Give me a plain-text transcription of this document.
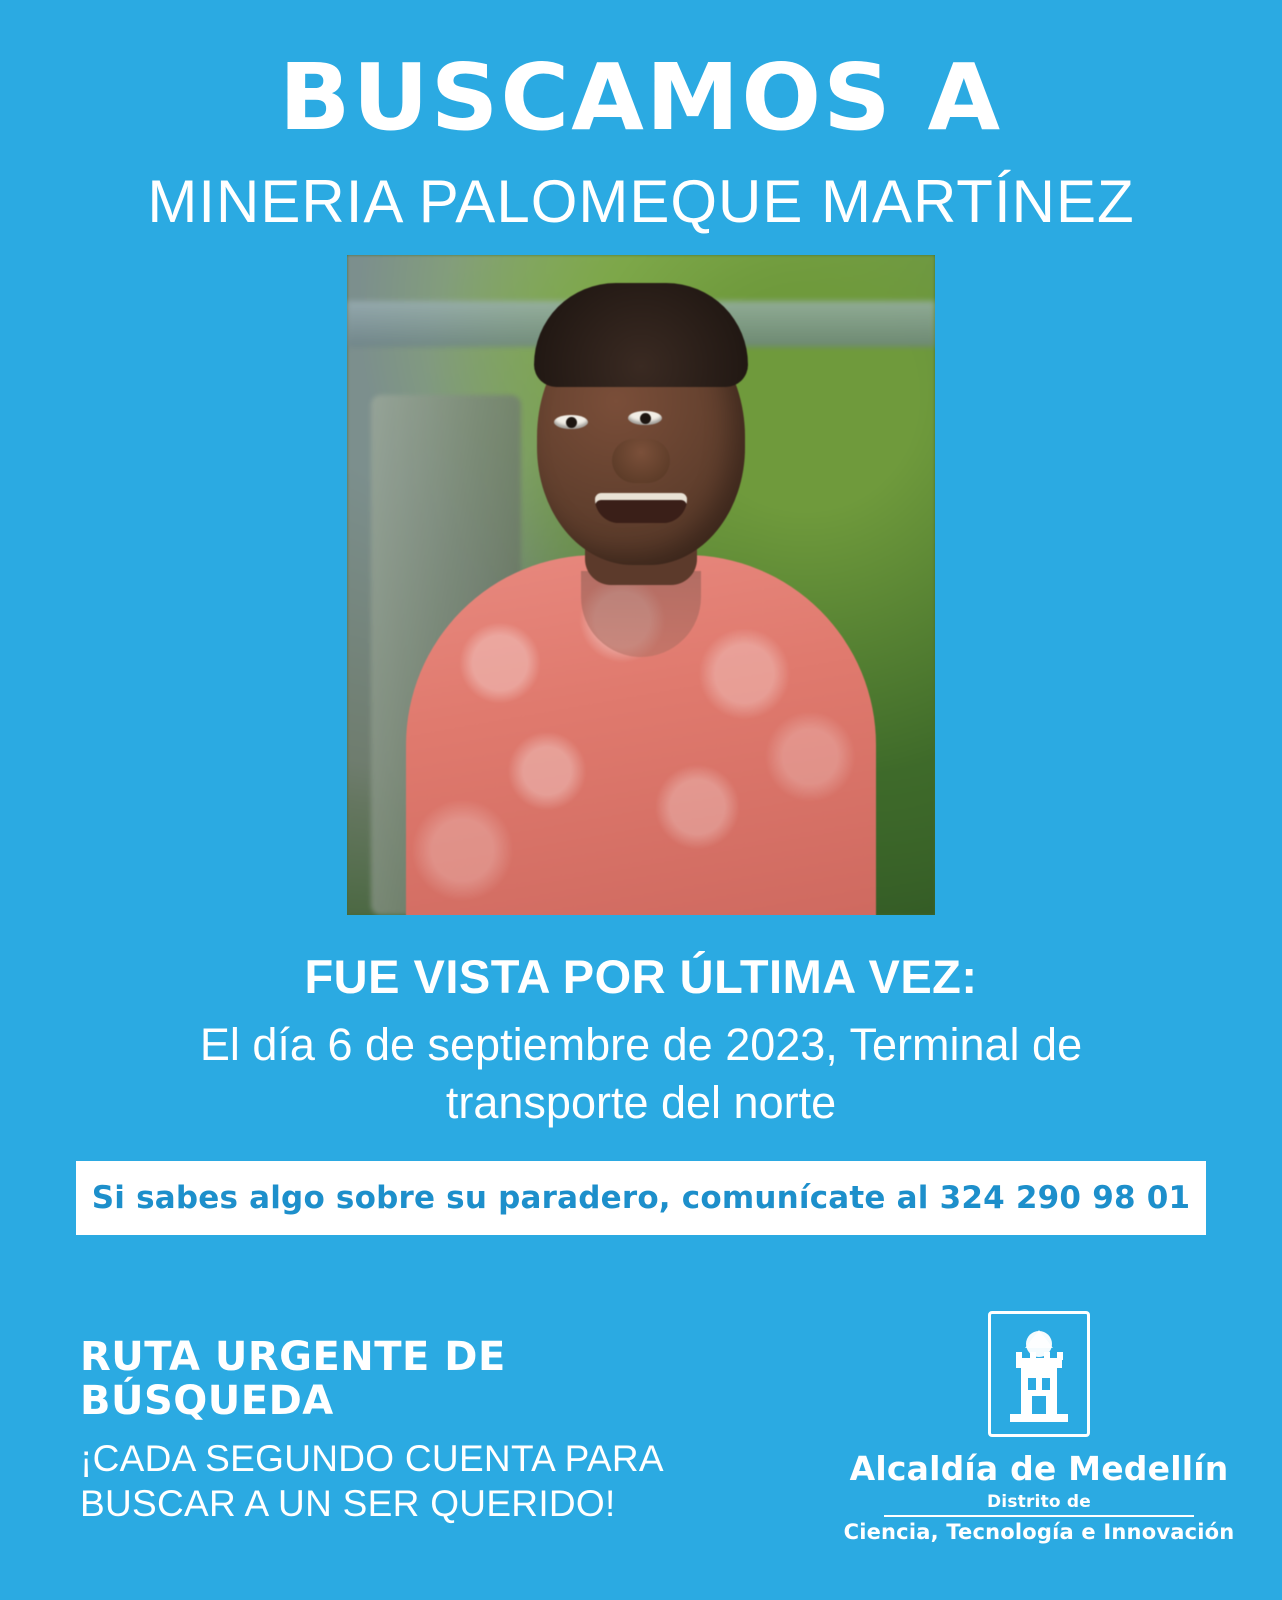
BUSCAMOS A
MINERIA PALOMEQUE MARTÍNEZ
FUE VISTA POR ÚLTIMA VEZ:
El día 6 de septiembre de 2023, Terminal de transporte del norte
Si sabes algo sobre su paradero, comunícate al 324 290 98 01
RUTA URGENTE DE BÚSQUEDA
¡CADA SEGUNDO CUENTA PARA BUSCAR A UN SER QUERIDO!
Alcaldía de Medellín
Distrito de
Ciencia, Tecnología e Innovación
